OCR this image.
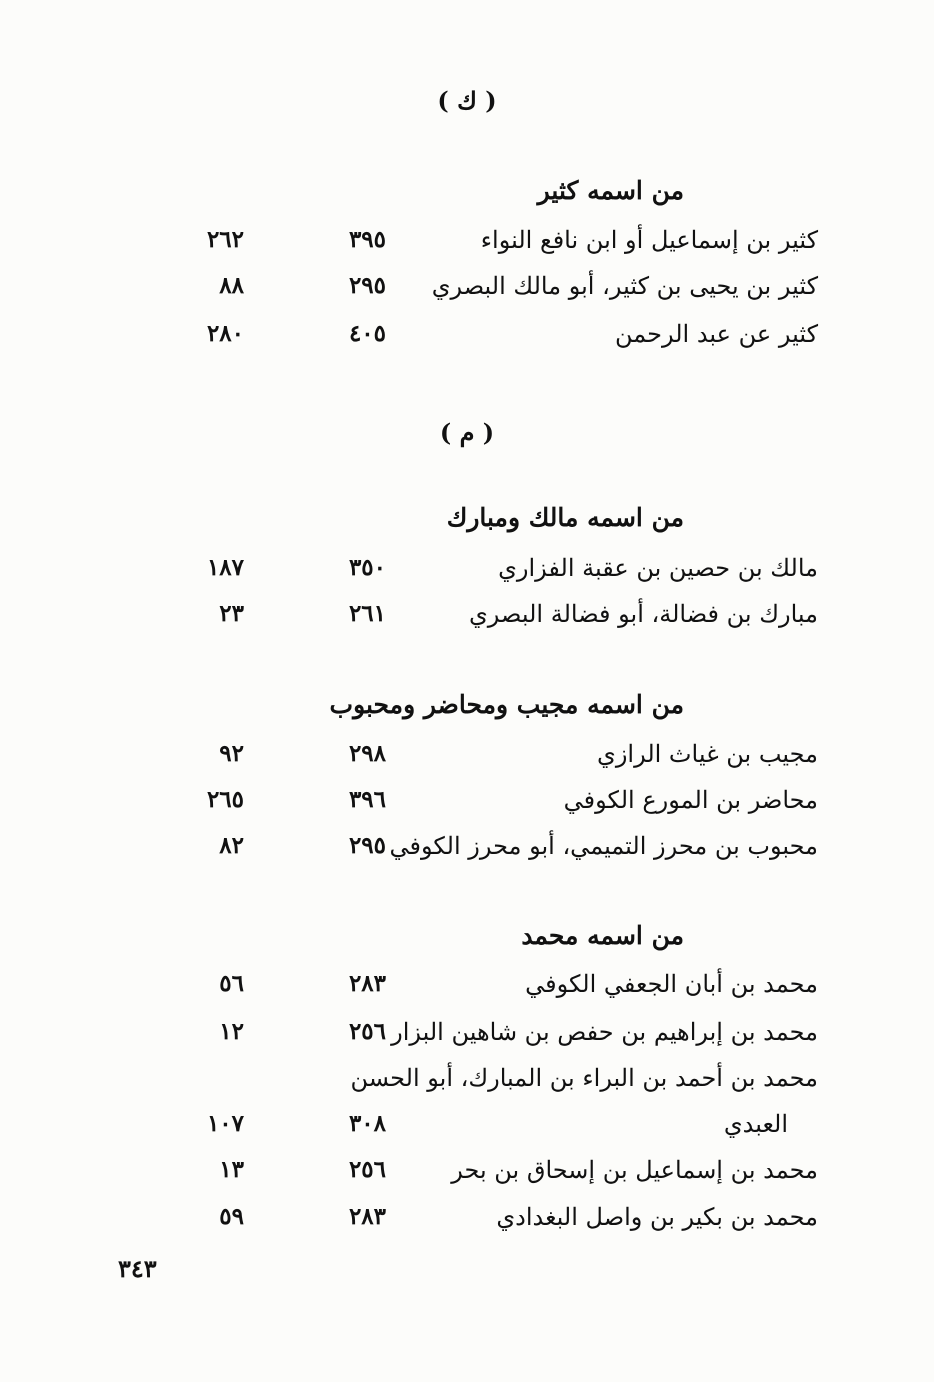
( ك )
من اسمه كثير
كثير بن إسماعيل أو ابن نافع النواء
٣٩٥
٢٦٢
كثير بن يحيى بن كثير، أبو مالك البصري
٢٩٥
٨٨
كثير عن عبد الرحمن
٤٠٥
٢٨٠
( م )
من اسمه مالك ومبارك
مالك بن حصين بن عقبة الفزاري
٣٥٠
١٨٧
مبارك بن فضالة، أبو فضالة البصري
٢٦١
٢٣
من اسمه مجيب ومحاضر ومحبوب
مجيب بن غياث الرازي
٢٩٨
٩٢
محاضر بن المورع الكوفي
٣٩٦
٢٦٥
محبوب بن محرز التميمي، أبو محرز الكوفي
٢٩٥
٨٢
من اسمه محمد
محمد بن أبان الجعفي الكوفي
٢٨٣
٥٦
محمد بن إبراهيم بن حفص بن شاهين البزار
٢٥٦
١٢
محمد بن أحمد بن البراء بن المبارك، أبو الحسن
العبدي
٣٠٨
١٠٧
محمد بن إسماعيل بن إسحاق بن بحر
٢٥٦
١٣
محمد بن بكير بن واصل البغدادي
٢٨٣
٥٩
٣٤٣
